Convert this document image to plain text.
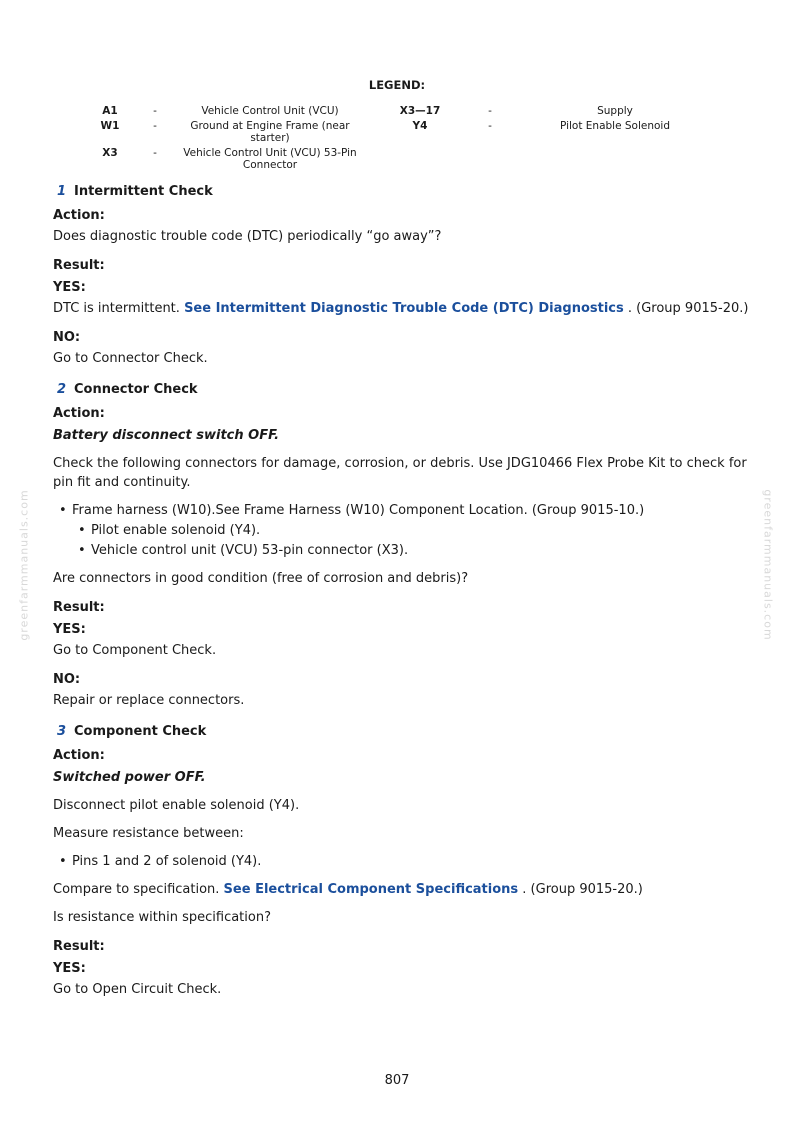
LEGEND:
A1	-	Vehicle Control Unit (VCU)	X3—17	-	Supply
W1	-	Ground at Engine Frame (near starter)	Y4	-	Pilot Enable Solenoid
X3	-	Vehicle Control Unit (VCU) 53-Pin Connector			
1 Intermittent Check
Action:

Does diagnostic trouble code (DTC) periodically “go away”?

Result:
YES:

DTC is intermittent. See Intermittent Diagnostic Trouble Code (DTC) Diagnostics . (Group 9015-20.)

NO:

Go to Connector Check.

2 Connector Check
Action:
Battery disconnect switch OFF.

Check the following connectors for damage, corrosion, or debris. Use JDG10466 Flex Probe Kit to check for pin fit and continuity.

• Frame harness (W10).See Frame Harness (W10) Component Location. (Group 9015-10.)
• Pilot enable solenoid (Y4).
• Vehicle control unit (VCU) 53-pin connector (X3).

Are connectors in good condition (free of corrosion and debris)?

Result:
YES:

Go to Component Check.

NO:

Repair or replace connectors.

3 Component Check
Action:
Switched power OFF.

Disconnect pilot enable solenoid (Y4).

Measure resistance between:

• Pins 1 and 2 of solenoid (Y4).

Compare to specification. See Electrical Component Specifications . (Group 9015-20.)

Is resistance within specification?

Result:
YES:

Go to Open Circuit Check.

greenfarmmanuals.com	greenfarmmanuals.com
807
